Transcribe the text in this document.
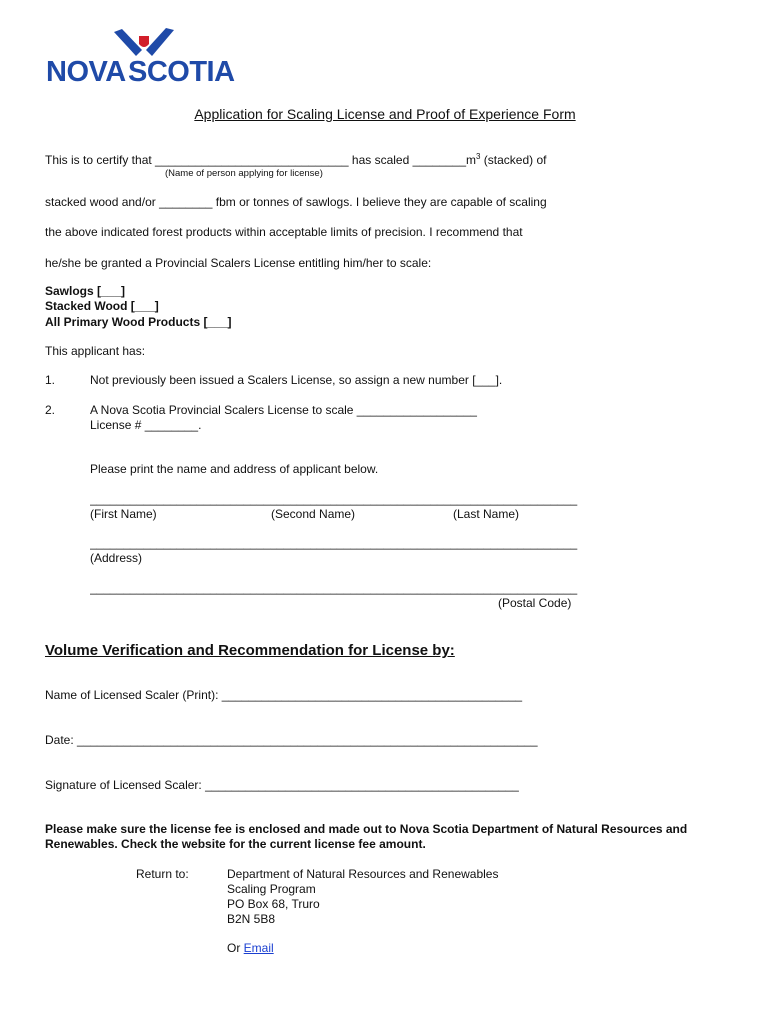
NOVA SCOTIA
Application for Scaling License and Proof of Experience Form
This is to certify that _____________________________ has scaled $\_\_\_\_\_\_\_\_m^3$ (stacked) of
(Name of person applying for license)
stacked wood and/or ________ fbm or tonnes of sawlogs. I believe they are capable of scaling
the above indicated forest products within acceptable limits of precision. I recommend that
he/she be granted a Provincial Scalers License entitling him/her to scale:
Sawlogs [___]
Stacked Wood [___]
All Primary Wood Products [___]
This applicant has:
1.	Not previously been issued a Scalers License, so assign a new number [___].
2.	A Nova Scotia Provincial Scalers License to scale __________________
License # ________.
Please print the name and address of applicant below.
_________________________________________________________________________
(First Name)	(Second Name)	(Last Name)
_________________________________________________________________________
(Address)
_________________________________________________________________________
(Postal Code)
Volume Verification and Recommendation for License by:
Name of Licensed Scaler (Print): _____________________________________________
Date: _____________________________________________________________________
Signature of Licensed Scaler: _______________________________________________
Please make sure the license fee is enclosed and made out to Nova Scotia Department of Natural Resources and
Renewables. Check the website for the current license fee amount.
Return to:	Department of Natural Resources and Renewables
Scaling Program
PO Box 68, Truro
B2N 5B8
Or Email
